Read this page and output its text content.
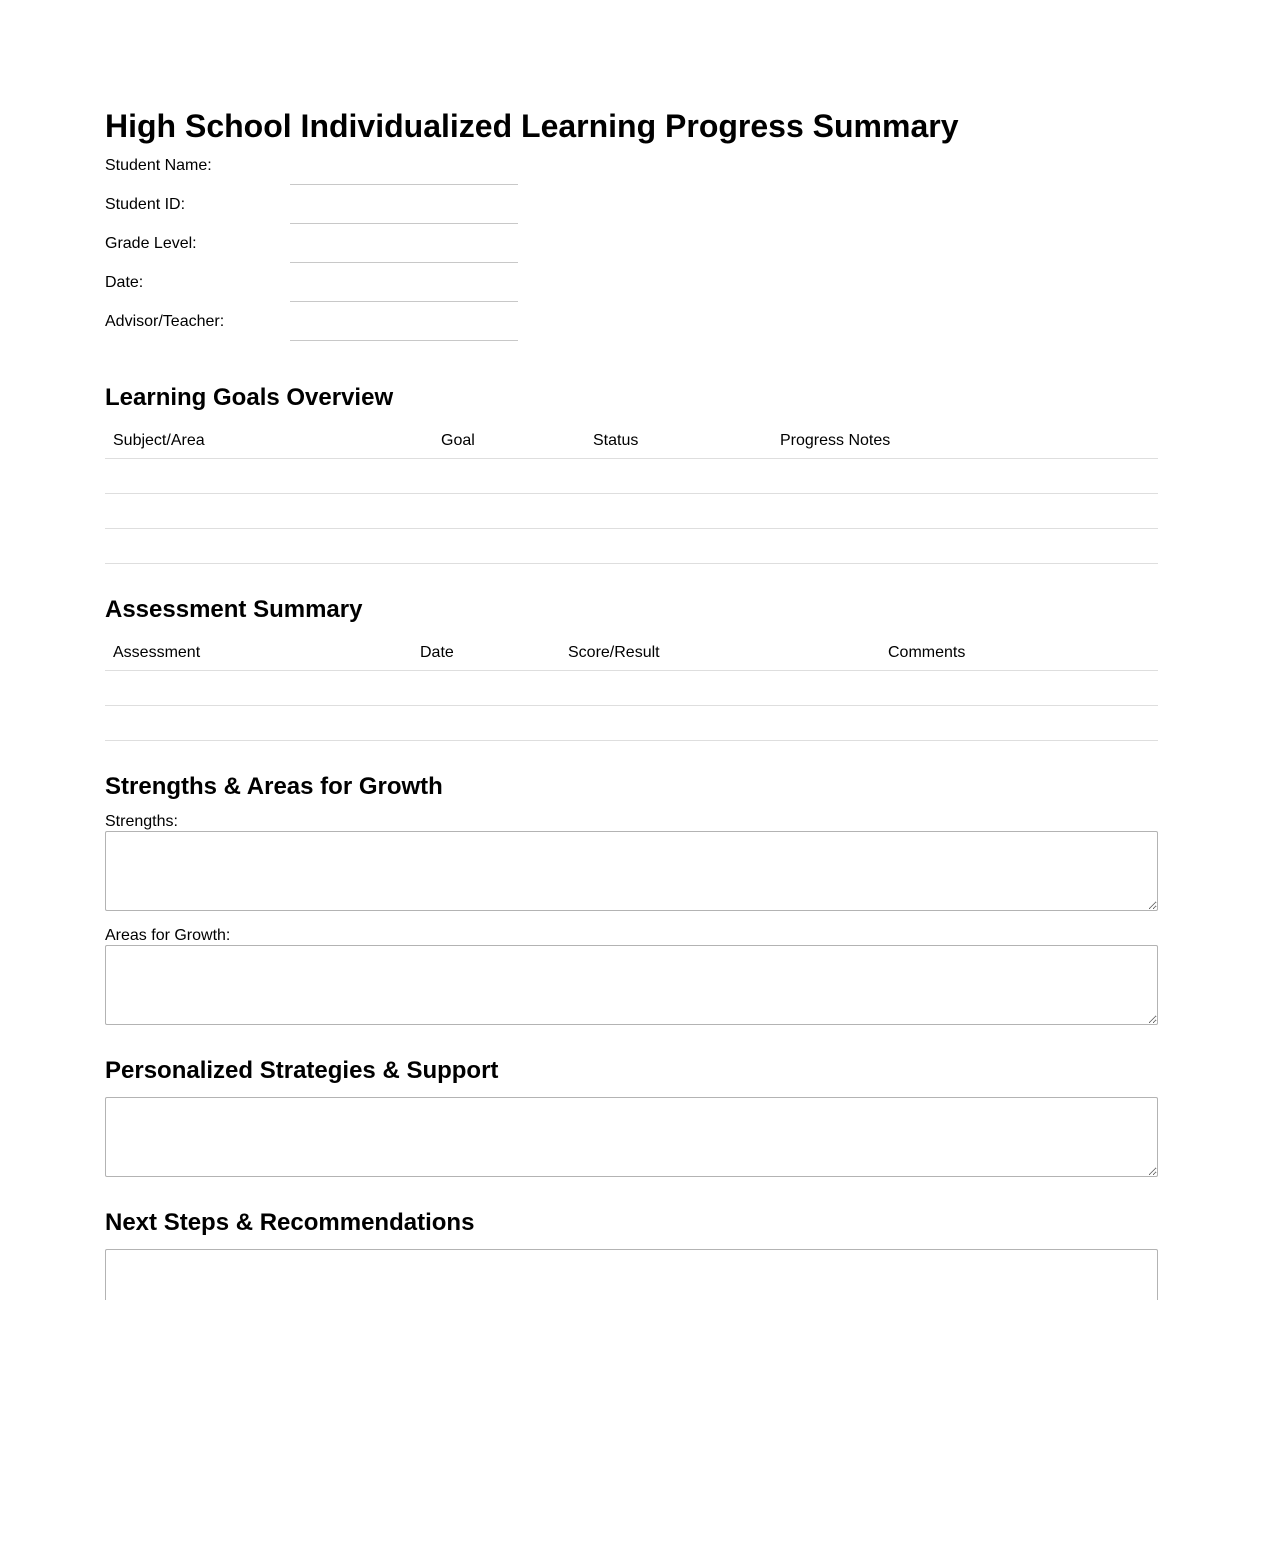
High School Individualized Learning Progress Summary
Student Name:
Student ID:
Grade Level:
Date:
Advisor/Teacher:
Learning Goals Overview
Subject/Area	Goal	Status	Progress Notes

Assessment Summary
Assessment	Date	Score/Result	Comments

Strengths & Areas for Growth
Strengths:
Areas for Growth:
Personalized Strategies & Support
Next Steps & Recommendations
